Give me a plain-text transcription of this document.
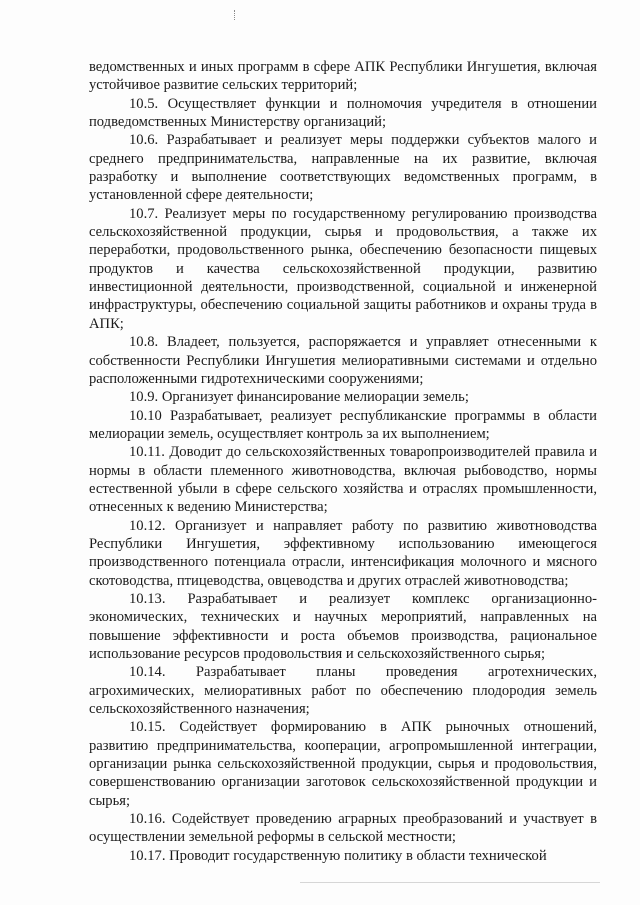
ведомственных и иных программ в сфере АПК Республики Ингушетия, включая устойчивое развитие сельских территорий;

10.5. Осуществляет функции и полномочия учредителя в отношении подведомственных Министерству организаций;

10.6. Разрабатывает и реализует меры поддержки субъектов малого и среднего предпринимательства, направленные на их развитие, включая разработку и выполнение соответствующих ведомственных программ, в установленной сфере деятельности;

10.7. Реализует меры по государственному регулированию производства сельскохозяйственной продукции, сырья и продовольствия, а также их переработки, продовольственного рынка, обеспечению безопасности пищевых продуктов и качества сельскохозяйственной продукции, развитию инвестиционной деятельности, производственной, социальной и инженерной инфраструктуры, обеспечению социальной защиты работников и охраны труда в АПК;

10.8. Владеет, пользуется, распоряжается и управляет отнесенными к собственности Республики Ингушетия мелиоративными системами и отдельно расположенными гидротехническими сооружениями;

10.9. Организует финансирование мелиорации земель;

10.10 Разрабатывает, реализует республиканские программы в области мелиорации земель, осуществляет контроль за их выполнением;

10.11. Доводит до сельскохозяйственных товаропроизводителей правила и нормы в области племенного животноводства, включая рыбоводство, нормы естественной убыли в сфере сельского хозяйства и отраслях промышленности, отнесенных к ведению Министерства;

10.12. Организует и направляет работу по развитию животноводства Республики Ингушетия, эффективному использованию имеющегося производственного потенциала отрасли, интенсификация молочного и мясного скотоводства, птицеводства, овцеводства и других отраслей животноводства;

10.13. Разрабатывает и реализует комплекс организационно-экономических, технических и научных мероприятий, направленных на повышение эффективности и роста объемов производства, рациональное использование ресурсов продовольствия и сельскохозяйственного сырья;

10.14. Разрабатывает планы проведения агротехнических, агрохимических, мелиоративных работ по обеспечению плодородия земель сельскохозяйственного назначения;

10.15. Содействует формированию в АПК рыночных отношений, развитию предпринимательства, кооперации, агропромышленной интеграции, организации рынка сельскохозяйственной продукции, сырья и продовольствия, совершенствованию организации заготовок сельскохозяйственной продукции и сырья;

10.16. Содействует проведению аграрных преобразований и участвует в осуществлении земельной реформы в сельской местности;

10.17. Проводит государственную политику в области технической
